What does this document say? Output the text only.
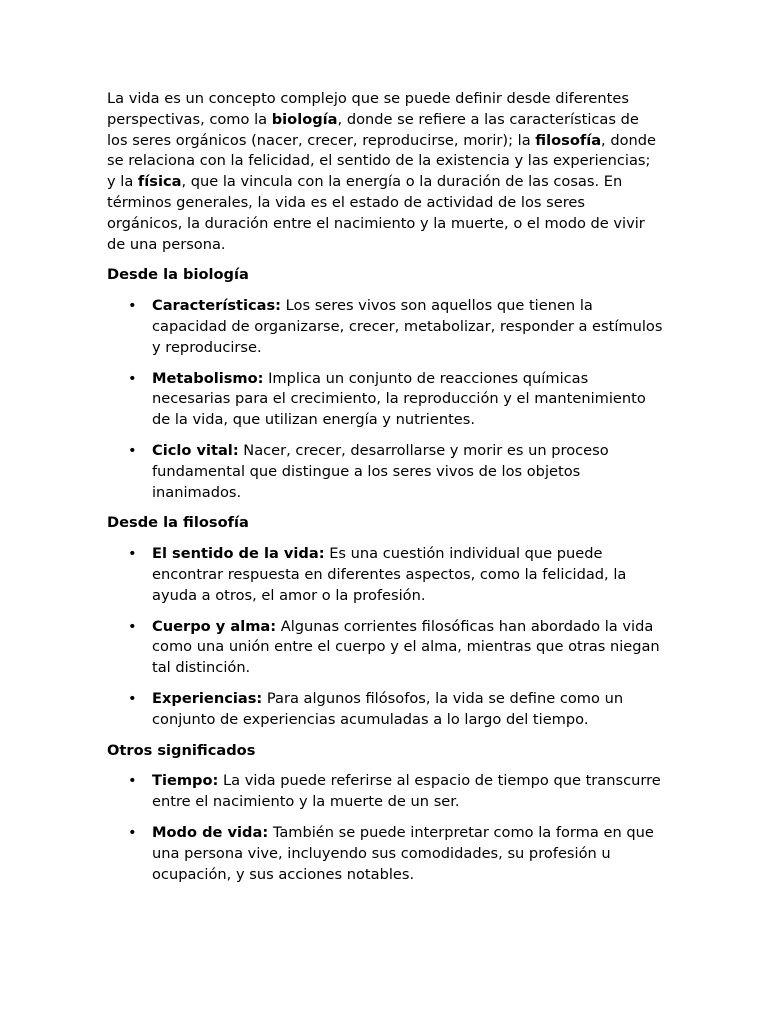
La vida es un concepto complejo que se puede definir desde diferentes perspectivas, como la biología, donde se refiere a las características de los seres orgánicos (nacer, crecer, reproducirse, morir); la filosofía, donde se relaciona con la felicidad, el sentido de la existencia y las experiencias; y la física, que la vincula con la energía o la duración de las cosas. En términos generales, la vida es el estado de actividad de los seres orgánicos, la duración entre el nacimiento y la muerte, o el modo de vivir de una persona.

Desde la biología
• Características: Los seres vivos son aquellos que tienen la capacidad de organizarse, crecer, metabolizar, responder a estímulos y reproducirse.
• Metabolismo: Implica un conjunto de reacciones químicas necesarias para el crecimiento, la reproducción y el mantenimiento de la vida, que utilizan energía y nutrientes.
• Ciclo vital: Nacer, crecer, desarrollarse y morir es un proceso fundamental que distingue a los seres vivos de los objetos inanimados.
Desde la filosofía
• El sentido de la vida: Es una cuestión individual que puede encontrar respuesta en diferentes aspectos, como la felicidad, la ayuda a otros, el amor o la profesión.
• Cuerpo y alma: Algunas corrientes filosóficas han abordado la vida como una unión entre el cuerpo y el alma, mientras que otras niegan tal distinción.
• Experiencias: Para algunos filósofos, la vida se define como un conjunto de experiencias acumuladas a lo largo del tiempo.
Otros significados
• Tiempo: La vida puede referirse al espacio de tiempo que transcurre entre el nacimiento y la muerte de un ser.
• Modo de vida: También se puede interpretar como la forma en que una persona vive, incluyendo sus comodidades, su profesión u ocupación, y sus acciones notables.
